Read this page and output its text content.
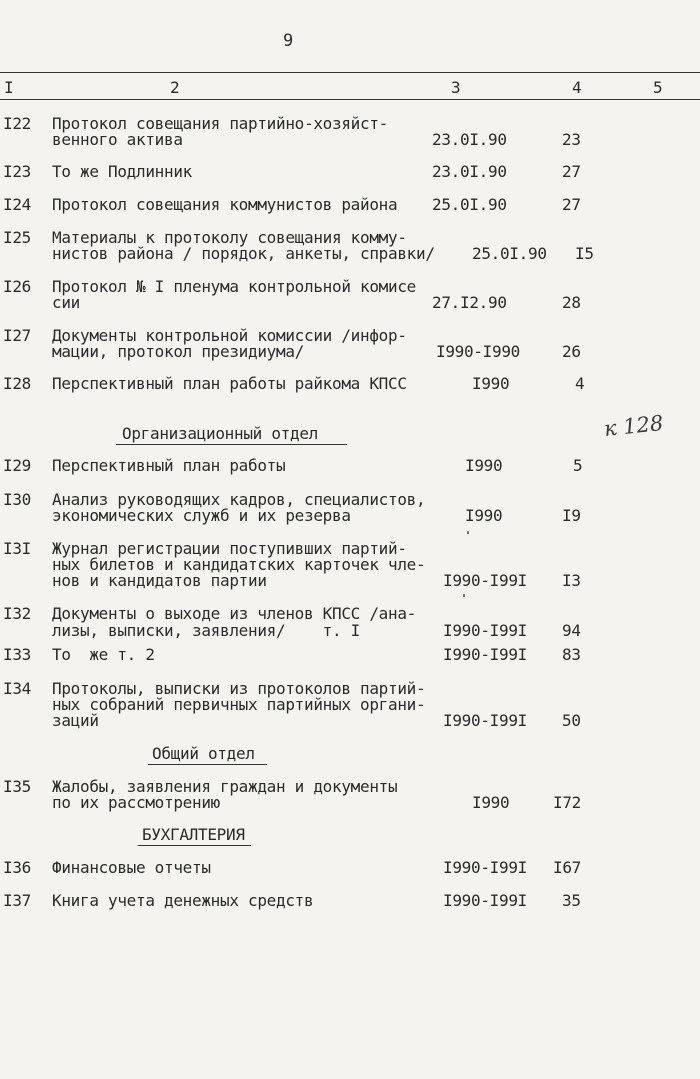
9
I	2	3	4	5
I22 Протокол совещания партийно-хозяйст-
венного актива	23.0I.90	23
I23 То же Подлинник	23.0I.90	27
I24 Протокол совещания коммунистов района 25.0I.90	27
I25 Материалы к протоколу совещания комму-
нистов района / порядок, анкеты, справки/ 25.0I.90 I5
I26 Протокол № I пленума контрольной комисе
сии	27.I2.90	28
I27 Документы контрольной комиссии /инфор-
мации, протокол президиума/	I990-I990	26
I28 Перспективный план работы райкома КПСС	I990	4
Организационный отдел	к 128
I29 Перспективный план работы	I990	5
I30 Анализ руководящих кадров, специалистов,
экономических служб и их резерва	I990	I9
I3I Журнал регистрации поступивших партий-
ных билетов и кандидатских карточек чле-
нов и кандидатов партии	I990-I99I I3
I32 Документы о выходе из членов КПСС /ана-
лизы, выписки, заявления/    т. I	I990-I99I 94
I33 То  же т. 2	I990-I99I 83
I34 Протоколы, выписки из протоколов партий-
ных собраний первичных партийных органи-
заций	I990-I99I 50
Общий отдел
I35 Жалобы, заявления граждан и документы
по их рассмотрению	I990	I72
БУХГАЛТЕРИЯ
I36 Финансовые отчеты	I990-I99I I67
I37 Книга учета денежных средств	I990-I99I 35
